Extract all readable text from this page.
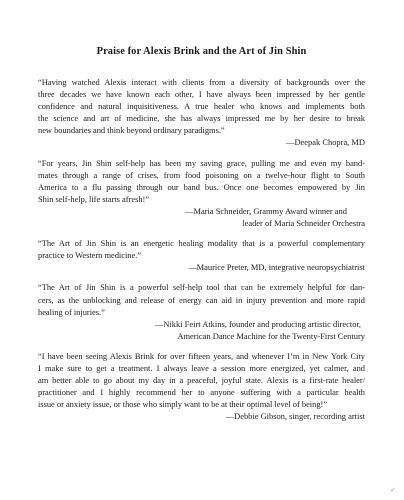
Praise for Alexis Brink and the Art of Jin Shin

“Having watched Alexis interact with clients from a diversity of backgrounds over the
three decades we have known each other, I have always been impressed by her gentle
confidence and natural inquisitiveness. A true healer who knows and implements both
the science and art of medicine, she has always impressed me by her desire to break
new boundaries and think beyond ordinary paradigms.”

—Deepak Chopra, MD

“For years, Jin Shin self-help has been my saving grace, pulling me and even my band-
mates through a range of crises, from food poisoning on a twelve-hour flight to South
America to a flu passing through our band bus. Once one becomes empowered by Jin
Shin self-help, life starts afresh!”

—Maria Schneider, Grammy Award winner and
leader of Maria Schneider Orchestra

“The Art of Jin Shin is an energetic healing modality that is a powerful complementary
practice to Western medicine.”

—Maurice Preter, MD, integrative neuropsychiatrist

“The Art of Jin Shin is a powerful self-help tool that can be extremely helpful for dan-
cers, as the unblocking and release of energy can aid in injury prevention and more rapid
healing of injuries.”

—Nikki Feirt Atkins, founder and producing artistic director,
American Dance Machine for the Twenty-First Century

“I have been seeing Alexis Brink for over fifteen years, and whenever I’m in New York City
I make sure to get a treatment. I always leave a session more energized, yet calmer, and
am better able to go about my day in a peaceful, joyful state. Alexis is a first-rate healer/
practitioner and I highly recommend her to anyone suffering with a particular health
issue or anxiety issue, or those who simply want to be at their optimal level of being!”

—Debbie Gibson, singer, recording artist

✓
